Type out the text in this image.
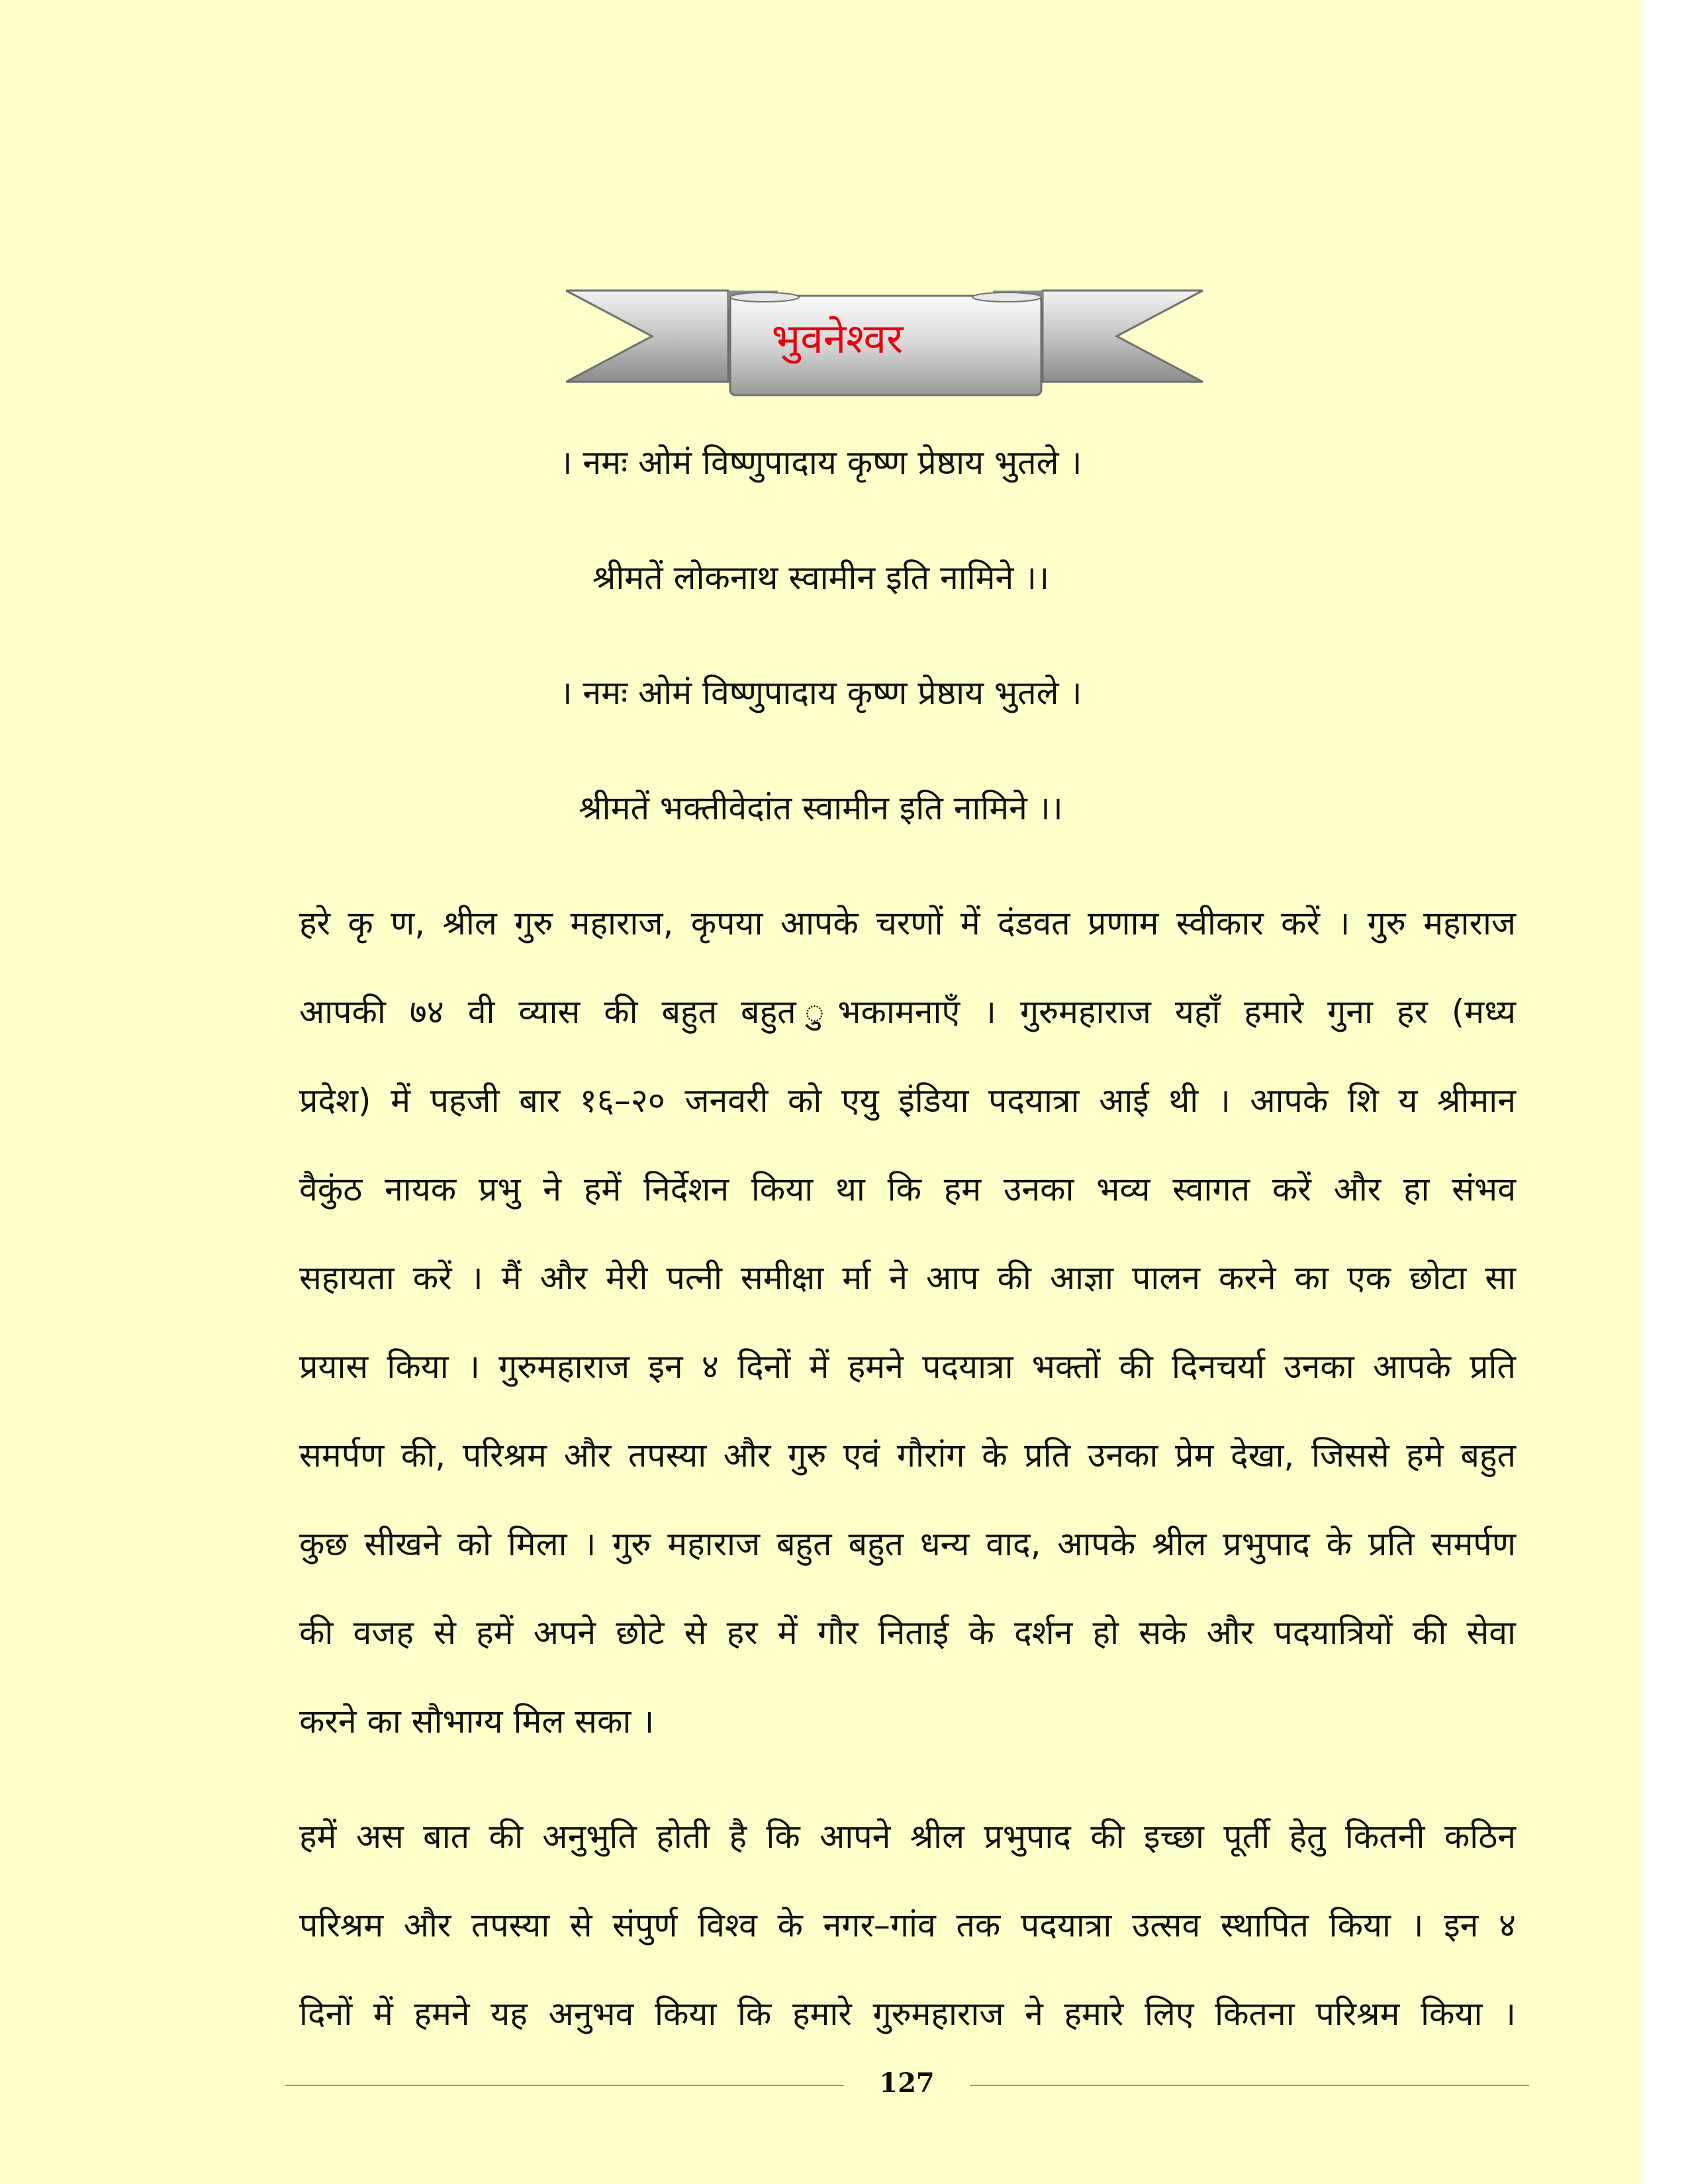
भुवनेश्वर
। नमः ओमं विष्णुपादाय कृष्ण प्रेष्ठाय भुतले ।
श्रीमतें लोकनाथ स्वामीन इति नामिने ।।
। नमः ओमं विष्णुपादाय कृष्ण प्रेष्ठाय भुतले ।
श्रीमतें भक्तीवेदांत स्वामीन इति नामिने ।।
हरे कृ ण, श्रील गुरु महाराज, कृपया आपके चरणों में दंडवत प्रणाम स्वीकार करें । गुरु महाराज
आपकी ७४ वी व्यास की बहुत बहुत ुभकामनाएँ । गुरुमहाराज यहाँ हमारे गुना हर (मध्य
प्रदेश) में पहजी बार १६–२० जनवरी को एयु इंडिया पदयात्रा आई थी । आपके शि य श्रीमान
वैकुंठ नायक प्रभु ने हमें निर्देशन किया था कि हम उनका भव्य स्वागत करें और हा संभव
सहायता करें । मैं और मेरी पत्नी समीक्षा र्मा ने आप की आज्ञा पालन करने का एक छोटा सा
प्रयास किया । गुरुमहाराज इन ४ दिनों में हमने पदयात्रा भक्तों की दिनचर्या उनका आपके प्रति
समर्पण की, परिश्रम और तपस्या और गुरु एवं गौरांग के प्रति उनका प्रेम देखा, जिससे हमे बहुत
कुछ सीखने को मिला । गुरु महाराज बहुत बहुत धन्य वाद, आपके श्रील प्रभुपाद के प्रति समर्पण
की वजह से हमें अपने छोटे से हर में गौर निताई के दर्शन हो सके और पदयात्रियों की सेवा
करने का सौभाग्य मिल सका ।
हमें अस बात की अनुभुति होती है कि आपने श्रील प्रभुपाद की इच्छा पूर्ती हेतु कितनी कठिन
परिश्रम और तपस्या से संपुर्ण विश्व के नगर–गांव तक पदयात्रा उत्सव स्थापित किया । इन ४
दिनों में हमने यह अनुभव किया कि हमारे गुरुमहाराज ने हमारे लिए कितना परिश्रम किया ।
127
